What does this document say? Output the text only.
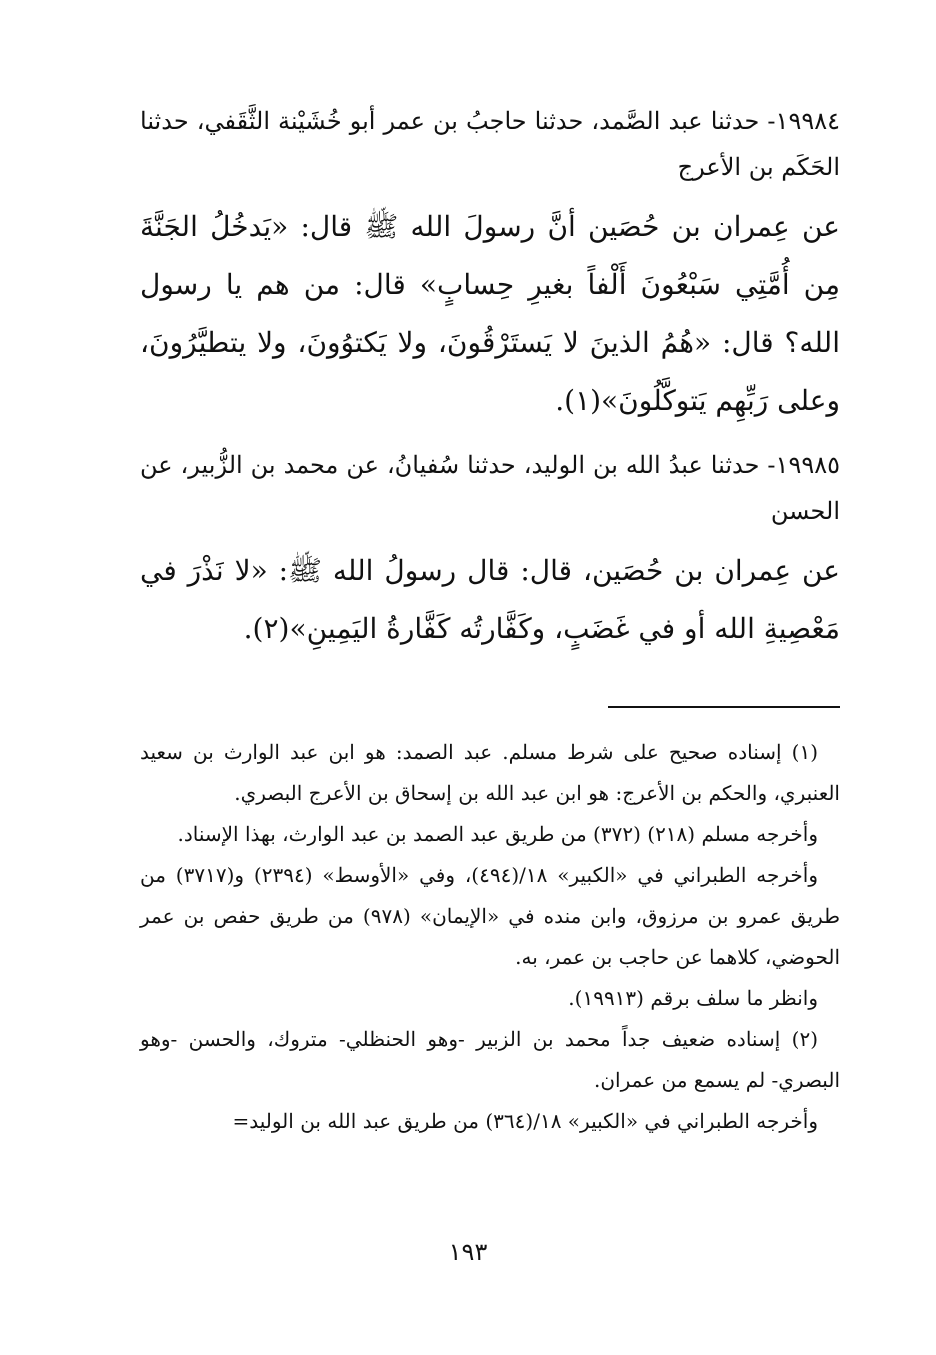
١٩٩٨٤- حدثنا عبد الصَّمد، حدثنا حاجبُ بن عمر أبو خُشَيْنة الثَّقَفي، حدثنا الحَكَم بن الأعرج

عن عِمران بن حُصَين أنَّ رسولَ الله ﷺ قال: «يَدخُلُ الجَنَّةَ مِن أُمَّتِي سَبْعُونَ أَلْفاً بغيرِ حِسابٍ» قال: من هم يا رسول الله؟ قال: «هُمُ الذينَ لا يَستَرْقُونَ، ولا يَكتوُونَ، ولا يتطيَّرُونَ، وعلى رَبِّهِم يَتوكَّلُونَ»(١).

١٩٩٨٥- حدثنا عبدُ الله بن الوليد، حدثنا سُفيانُ، عن محمد بن الزُّبير، عن الحسن

عن عِمران بن حُصَين، قال: قال رسولُ الله ﷺ: «لا نَذْرَ في مَعْصِيةِ الله أو في غَضَبٍ، وكَفَّارتُه كَفَّارةُ اليَمِينِ»(٢).

(١) إسناده صحيح على شرط مسلم. عبد الصمد: هو ابن عبد الوارث بن سعيد العنبري، والحكم بن الأعرج: هو ابن عبد الله بن إسحاق بن الأعرج البصري.

وأخرجه مسلم (٢١٨) (٣٧٢) من طريق عبد الصمد بن عبد الوارث، بهذا الإسناد.

وأخرجه الطبراني في «الكبير» ١٨/(٤٩٤)، وفي «الأوسط» (٢٣٩٤) و(٣٧١٧) من طريق عمرو بن مرزوق، وابن منده في «الإيمان» (٩٧٨) من طريق حفص بن عمر الحوضي، كلاهما عن حاجب بن عمر، به.

وانظر ما سلف برقم (١٩٩١٣).

(٢) إسناده ضعيف جداً محمد بن الزبير -وهو الحنظلي- متروك، والحسن -وهو البصري- لم يسمع من عمران.

وأخرجه الطبراني في «الكبير» ١٨/(٣٦٤) من طريق عبد الله بن الوليد=

١٩٣
